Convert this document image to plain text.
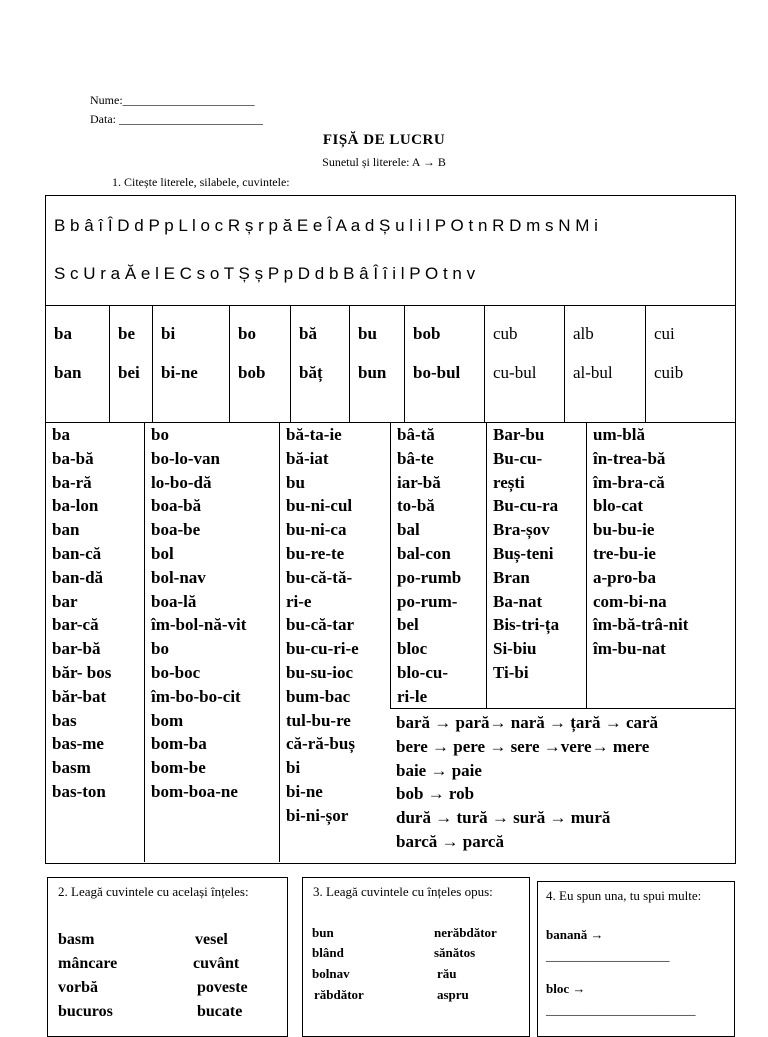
Nume:______________________
Data: ________________________
FIȘĂ DE LUCRU
Sunetul și literele: A → B
1. Citește literele, silabele, cuvintele:
B b â î Î D d P p L l o c R ș r p ă E e Î A a d Ș u l i l P O t n R D m s N M i
S c U r a Ă e l E C s o T Ș ș P p D d b B â Î î i l P O t n v
ba
ban
be
bei
bi
bi-ne
bo
bob
bă
băț
bu
bun
bob
bo-bul
cub
cu-bul
alb
al-bul
cui
cuib
ba
ba-bă
ba-ră
ba-lon
ban
ban-că
ban-dă
bar
bar-că
bar-bă
băr- bos
băr-bat
bas
bas-me
basm
bas-ton
bo
bo-lo-van
lo-bo-dă
boa-bă
boa-be
bol
bol-nav
boa-lă
îm-bol-nă-vit
bo
bo-boc
îm-bo-bo-cit
bom
bom-ba
bom-be
bom-boa-ne
bă-ta-ie
bă-iat
bu
bu-ni-cul
bu-ni-ca
bu-re-te
bu-că-tă-
ri-e
bu-că-tar
bu-cu-ri-e
bu-su-ioc
bum-bac
tul-bu-re
că-ră-buș
bi
bi-ne
bi-ni-șor
bâ-tă
bâ-te
iar-bă
to-bă
bal
bal-con
po-rumb
po-rum-
bel
bloc
blo-cu-
ri-le
Bar-bu
Bu-cu-
rești
Bu-cu-ra
Bra-șov
Buș-teni
Bran
Ba-nat
Bis-tri-ța
Si-biu
Ti-bi
um-blă
în-trea-bă
îm-bra-că
blo-cat
bu-bu-ie
tre-bu-ie
a-pro-ba
com-bi-na
îm-bă-trâ-nit
îm-bu-nat
bară → pară→ nară → țară → cară
bere → pere → sere →vere→ mere
baie → paie
bob → rob
dură → tură → sură → mură
barcă → parcă
2. Leagă cuvintele cu același înțeles:
basm
mâncare
vorbă
bucuros
vesel
cuvânt
poveste
bucate
3. Leagă cuvintele cu înțeles opus:
bun
blând
bolnav
răbdător
nerăbdător
sănătos
rău
aspru
4. Eu spun una, tu spui multe:
banană →
___________________
bloc →
_______________________
